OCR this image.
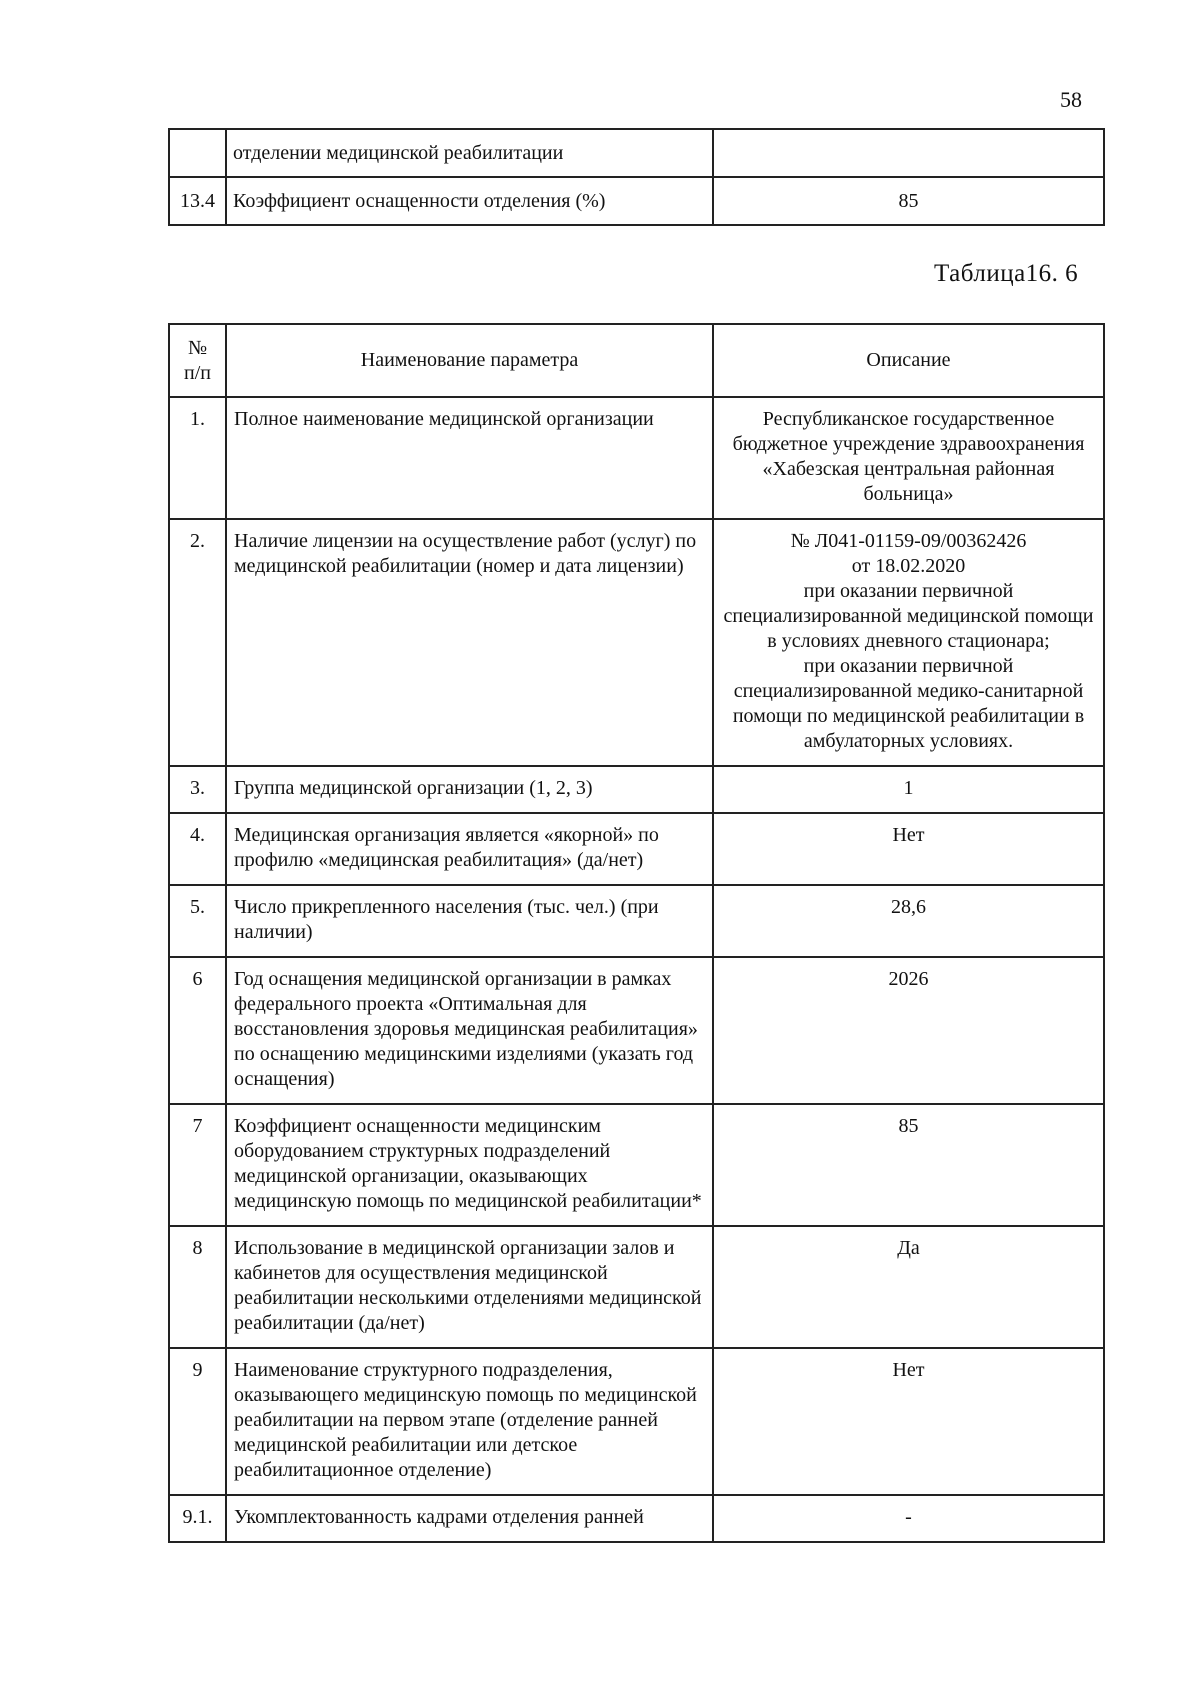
58
	отделении медицинской реабилитации	
13.4	Коэффициент оснащенности отделения (%)	85
Таблица16. 6
№
п/п	Наименование параметра	Описание
1.	Полное наименование медицинской организации	Республиканское государственное бюджетное учреждение здравоохранения «Хабезская центральная районная больница»
2.	Наличие лицензии на осуществление работ (услуг) по медицинской реабилитации (номер и дата лицензии)	№ Л041-01159-09/00362426
от 18.02.2020
при оказании первичной специализированной медицинской помощи в условиях дневного стационара;
при оказании первичной специализированной медико-санитарной помощи по медицинской реабилитации в амбулаторных условиях.

3.	Группа медицинской организации (1, 2, 3)	1
4.	Медицинская организация является «якорной» по профилю «медицинская реабилитация» (да/нет)	Нет
5.	Число прикрепленного населения (тыс. чел.) (при наличии)	28,6
6	Год оснащения медицинской организации в рамках федерального проекта «Оптимальная для восстановления здоровья медицинская реабилитация» по оснащению медицинскими изделиями (указать год оснащения)	2026
7	Коэффициент оснащенности медицинским оборудованием структурных подразделений медицинской организации, оказывающих медицинскую помощь по медицинской реабилитации*	85
8	Использование в медицинской организации залов и кабинетов для осуществления медицинской реабилитации несколькими отделениями медицинской реабилитации (да/нет)	Да
9	Наименование структурного подразделения, оказывающего медицинскую помощь по медицинской реабилитации на первом этапе (отделение ранней медицинской реабилитации или детское реабилитационное отделение)	Нет
9.1.	Укомплектованность кадрами отделения ранней	-
